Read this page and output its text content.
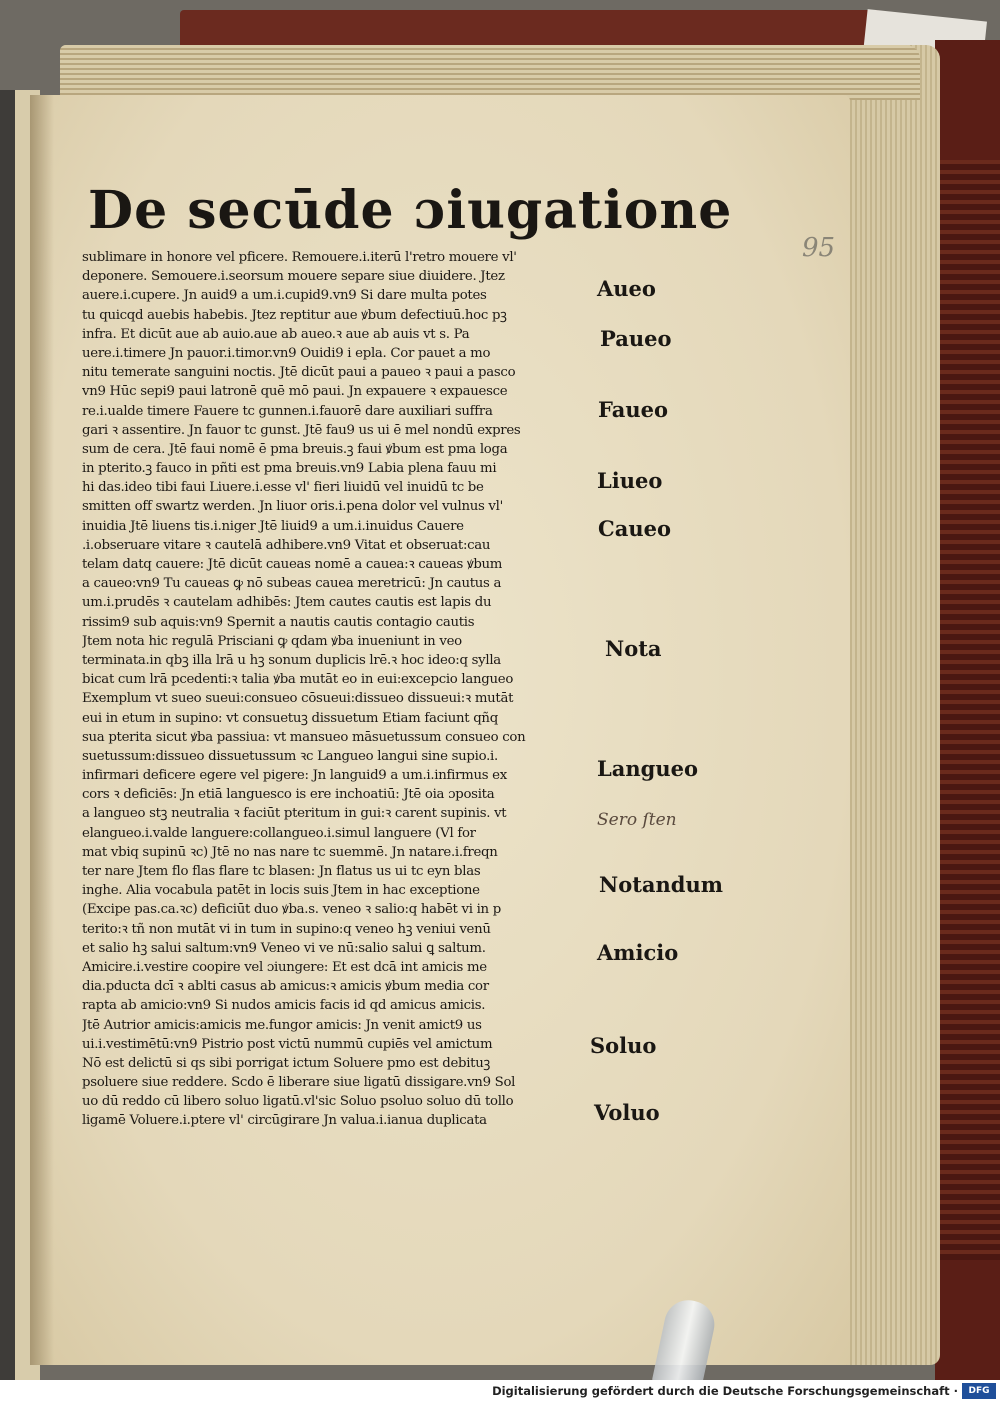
95
De secūde ɔiugatione
sublimare in honore vel pficere. Remouere.i.iterū l'retro mouere vl'
deponere. Semouere.i.seorsum mouere separe siue diuidere. Jtez
auere.i.cupere. Jn auid9 a um.i.cupid9.vn9 Si dare multa potes
tu quicqd auebis habebis. Jtez reptitur aue ꝟbum defectiuū.hoc pꝫ
infra. Et dicūt aue ab auio.aue ab aueo.ꝛ aue ab auis vt s. Pa
uere.i.timere Jn pauor.i.timor.vn9 Ouidi9 i epla. Cor pauet a mo
nitu temerate sanguini noctis. Jtē dicūt paui a paueo ꝛ paui a pasco
vn9 Hūc sepi9 paui latronē quē mō paui. Jn expauere ꝛ expauesce
re.i.ualde timere Fauere tc gunnen.i.fauorē dare auxiliari suffra
gari ꝛ assentire. Jn fauor tc gunst. Jtē fau9 us ui ē mel nondū expres
sum de cera. Jtē faui nomē ē pma breuis.ꝫ faui ꝟbum est pma loga
in pterito.ꝫ fauco in pñti est pma breuis.vn9 Labia plena fauu mi
hi das.ideo tibi faui Liuere.i.esse vl' fieri liuidū vel inuidū tc be
smitten off swartz werden. Jn liuor oris.i.pena dolor vel vulnus vl'
inuidia Jtē liuens tis.i.niger Jtē liuid9 a um.i.inuidus Cauere
.i.obseruare vitare ꝛ cautelā adhibere.vn9 Vitat et obseruat:cau
telam datq cauere: Jtē dicūt caueas nomē a cauea:ꝛ caueas ꝟbum
a caueo:vn9 Tu caueas ꝙ nō subeas cauea meretricū: Jn cautus a
um.i.prudēs ꝛ cautelam adhibēs: Jtem cautes cautis est lapis du
rissim9 sub aquis:vn9 Spernit a nautis cautis contagio cautis
Jtem nota hic regulā Prisciani ꝙ qdam ꝟba inueniunt in veo
terminata.in qbꝫ illa lrā u hꝫ sonum duplicis lrē.ꝛ hoc ideo:q sylla
bicat cum lrā pcedenti:ꝛ talia ꝟba mutāt eo in eui:excepcio langueo
Exemplum vt sueo sueui:consueo cōsueui:dissueo dissueui:ꝛ mutāt
eui in etum in supino: vt consuetuꝫ dissuetum Etiam faciunt qñq
sua pterita sicut ꝟba passiua: vt mansueo māsuetussum consueo con
suetussum:dissueo dissuetussum ꝛc Langueo langui sine supio.i.
infirmari deficere egere vel pigere: Jn languid9 a um.i.infirmus ex
cors ꝛ deficiēs: Jn etiā languesco is ere inchoatiū: Jtē oia ɔposita
a langueo stꝫ neutralia ꝛ faciūt pteritum in gui:ꝛ carent supinis. vt
elangueo.i.valde languere:collangueo.i.simul languere (Vl for
mat vbiq supinū ꝛc) Jtē no nas nare tc suemmē. Jn natare.i.freqn
ter nare Jtem flo flas flare tc blasen: Jn flatus us ui tc eyn blas
inghe. Alia vocabula patēt in locis suis Jtem in hac exceptione
(Excipe pas.ca.ꝛc) deficiūt duo ꝟba.s. veneo ꝛ salio:q habēt vi in p
terito:ꝛ tñ non mutāt vi in tum in supino:q veneo hꝫ veniui venū
et salio hꝫ salui saltum:vn9 Veneo vi ve nū:salio salui ꝗ saltum.
Amicire.i.vestire coopire vel ɔiungere: Et est dcā int amicis me
dia.pducta dcī ꝛ ablti casus ab amicus:ꝛ amicis ꝟbum media cor
rapta ab amicio:vn9 Si nudos amicis facis id qd amicus amicis.
Jtē Autrior amicis:amicis me.fungor amicis: Jn venit amict9 us
ui.i.vestimētū:vn9 Pistrio post victū nummū cupiēs vel amictum
Nō est delictū si qs sibi porrigat ictum Soluere pmo est debituꝫ
psoluere siue reddere. Scdo ē liberare siue ligatū dissigare.vn9 Sol
uo dū reddo cū libero soluo ligatū.vl'sic Soluo psoluo soluo dū tollo
ligamē Voluere.i.ptere vl' circūgirare Jn valua.i.ianua duplicata
Aueo
Paueo
Faueo
Liueo
Caueo
Nota
Langueo
Sero ſten
Notandum
Amicio
Soluo
Voluo
Digitalisierung gefördert durch die Deutsche Forschungsgemeinschaft ·	DFG
